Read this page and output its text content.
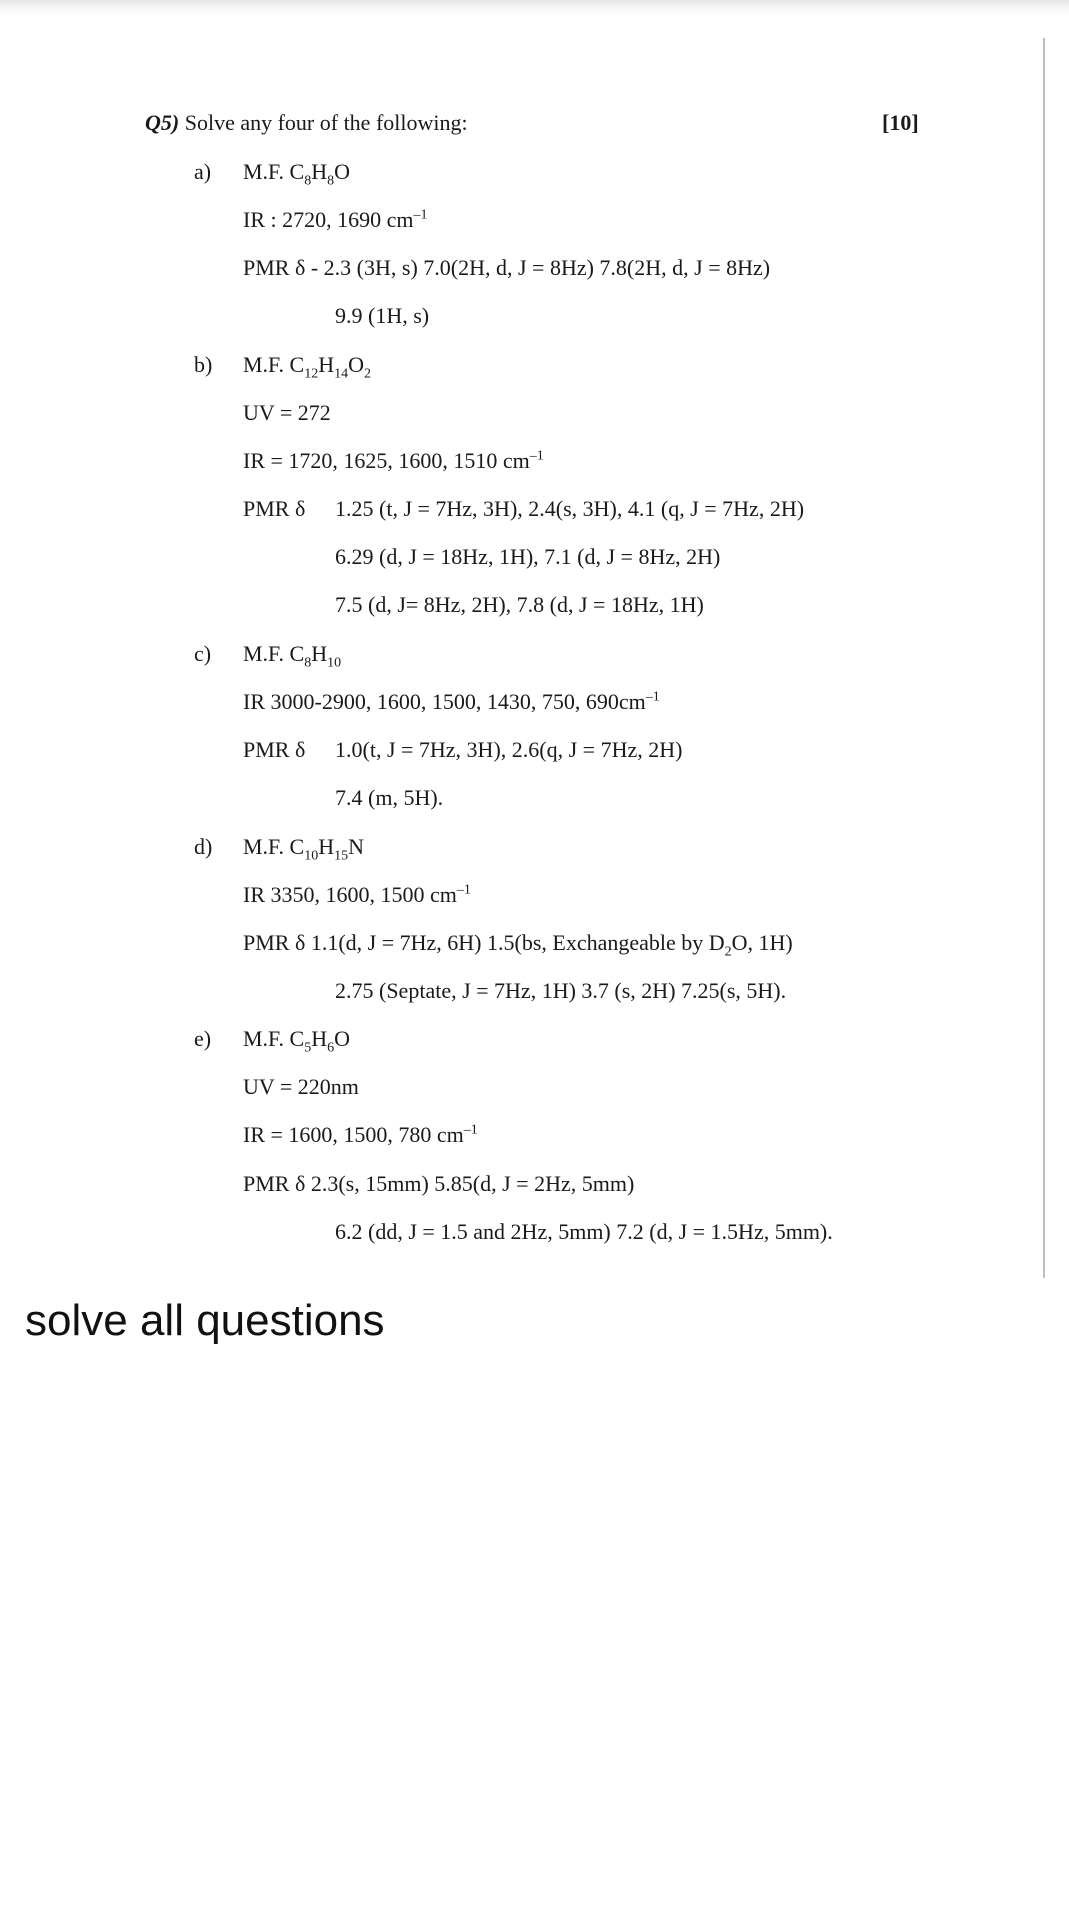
Q5) Solve any four of the following:	[10]
a) M.F. $C_8H_8O$
IR : 2720, 1690 $cm^{-1}$
PMR δ - 2.3 (3H, s) 7.0(2H, d, J = 8Hz) 7.8(2H, d, J = 8Hz)
9.9 (1H, s)
b) M.F. $C_{12}H_{14}O_2$
UV = 272
IR = 1720, 1625, 1600, 1510 $cm^{-1}$
PMR δ 1.25 (t, J = 7Hz, 3H), 2.4(s, 3H), 4.1 (q, J = 7Hz, 2H)
6.29 (d, J = 18Hz, 1H), 7.1 (d, J = 8Hz, 2H)
7.5 (d, J= 8Hz, 2H), 7.8 (d, J = 18Hz, 1H)
c) M.F. $C_8H_{10}$
IR 3000-2900, 1600, 1500, 1430, 750, $690cm^{-1}$
PMR δ 1.0(t, J = 7Hz, 3H), 2.6(q, J = 7Hz, 2H)
7.4 (m, 5H).
d) M.F. $C_{10}H_{15}N$
IR 3350, 1600, 1500 $cm^{-1}$
PMR δ 1.1(d, J = 7Hz, 6H) 1.5(bs, Exchangeable by $D_2O$, 1H)
2.75 (Septate, J = 7Hz, 1H) 3.7 (s, 2H) 7.25(s, 5H).
e) M.F. $C_5H_6O$
UV = 220nm
IR = 1600, 1500, 780 $cm^{-1}$
PMR δ 2.3(s, 15mm) 5.85(d, J = 2Hz, 5mm)
6.2 (dd, J = 1.5 and 2Hz, 5mm) 7.2 (d, J = 1.5Hz, 5mm).
solve all questions
